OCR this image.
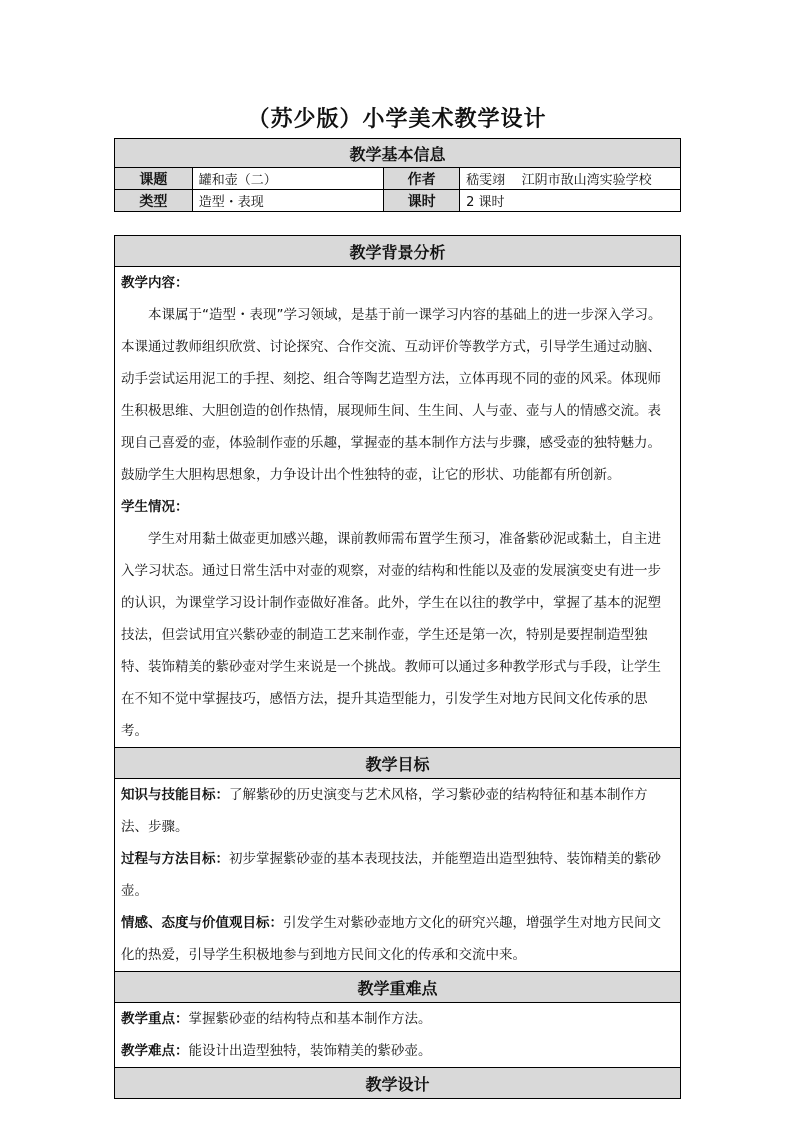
（苏少版）小学美术教学设计
教学基本信息			
课题	罐和壶（二）	作者	嵇雯翊    江阴市敔山湾实验学校
类型	造型・表现	课时	2 课时
教学背景分析

教学内容：

本课属于“造型・表现”学习领域，是基于前一课学习内容的基础上的进一步深入学习。本课通过教师组织欣赏、讨论探究、合作交流、互动评价等教学方式，引导学生通过动脑、动手尝试运用泥工的手捏、刻挖、组合等陶艺造型方法，立体再现不同的壶的风采。体现师生积极思维、大胆创造的创作热情，展现师生间、生生间、人与壶、壶与人的情感交流。表现自己喜爱的壶，体验制作壶的乐趣，掌握壶的基本制作方法与步骤，感受壶的独特魅力。鼓励学生大胆构思想象，力争设计出个性独特的壶，让它的形状、功能都有所创新。

学生情况：

学生对用黏土做壶更加感兴趣，课前教师需布置学生预习，准备紫砂泥或黏土，自主进入学习状态。通过日常生活中对壶的观察，对壶的结构和性能以及壶的发展演变史有进一步的认识，为课堂学习设计制作壶做好准备。此外，学生在以往的教学中，掌握了基本的泥塑技法，但尝试用宜兴紫砂壶的制造工艺来制作壶，学生还是第一次，特别是要捏制造型独特、装饰精美的紫砂壶对学生来说是一个挑战。教师可以通过多种教学形式与手段，让学生在不知不觉中掌握技巧，感悟方法，提升其造型能力，引发学生对地方民间文化传承的思考。

教学目标

知识与技能目标：了解紫砂的历史演变与艺术风格，学习紫砂壶的结构特征和基本制作方法、步骤。

过程与方法目标：初步掌握紫砂壶的基本表现技法，并能塑造出造型独特、装饰精美的紫砂壶。

情感、态度与价值观目标：引发学生对紫砂壶地方文化的研究兴趣，增强学生对地方民间文化的热爱，引导学生积极地参与到地方民间文化的传承和交流中来。

教学重难点

教学重点：掌握紫砂壶的结构特点和基本制作方法。

教学难点：能设计出造型独特，装饰精美的紫砂壶。

教学设计
